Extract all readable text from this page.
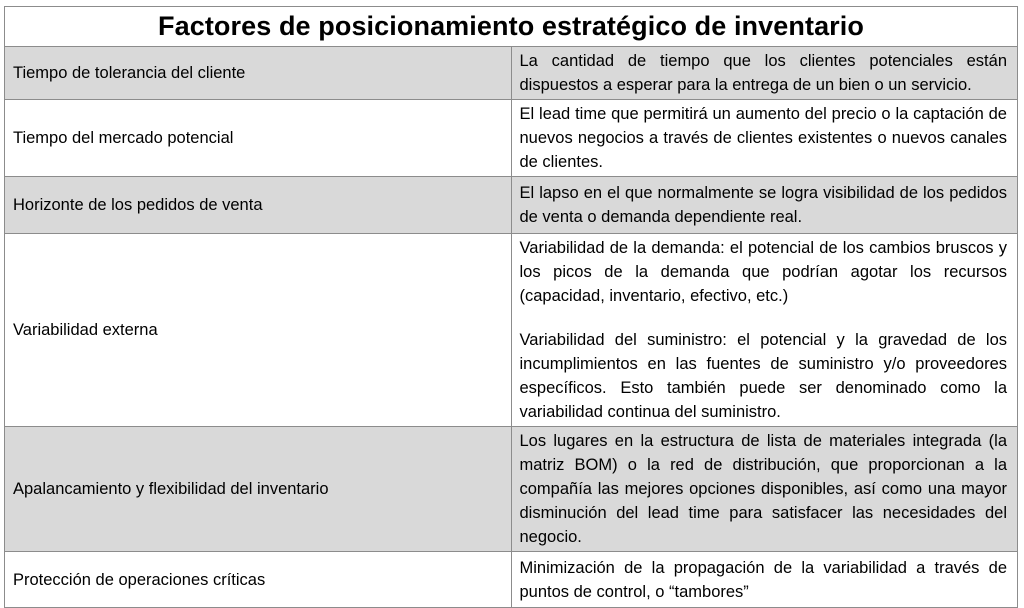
Factores de posicionamiento estratégico de inventario	
Tiempo de tolerancia del cliente	La cantidad de tiempo que los clientes potenciales están dispuestos a esperar para la entrega de un bien o un servicio.

Tiempo del mercado potencial	El lead time que permitirá un aumento del precio o la captación de nuevos negocios a través de clientes existentes o nuevos canales de clientes.

Horizonte de los pedidos de venta	El lapso en el que normalmente se logra visibilidad de los pedidos de venta o demanda dependiente real.

Variabilidad externa	Variabilidad de la demanda: el potencial de los cambios bruscos y los picos de la demanda que podrían agotar los recursos (capacidad, inventario, efectivo, etc.)

Variabilidad del suministro: el potencial y la gravedad de los incumplimientos en las fuentes de suministro y/o proveedores específicos. Esto también puede ser denominado como la variabilidad continua del suministro.

Apalancamiento y flexibilidad del inventario	Los lugares en la estructura de lista de materiales integrada (la matriz BOM) o la red de distribución, que proporcionan a la compañía las mejores opciones disponibles, así como una mayor disminución del lead time para satisfacer las necesidades del negocio.

Protección de operaciones críticas	Minimización de la propagación de la variabilidad a través de puntos de control, o “tambores”
